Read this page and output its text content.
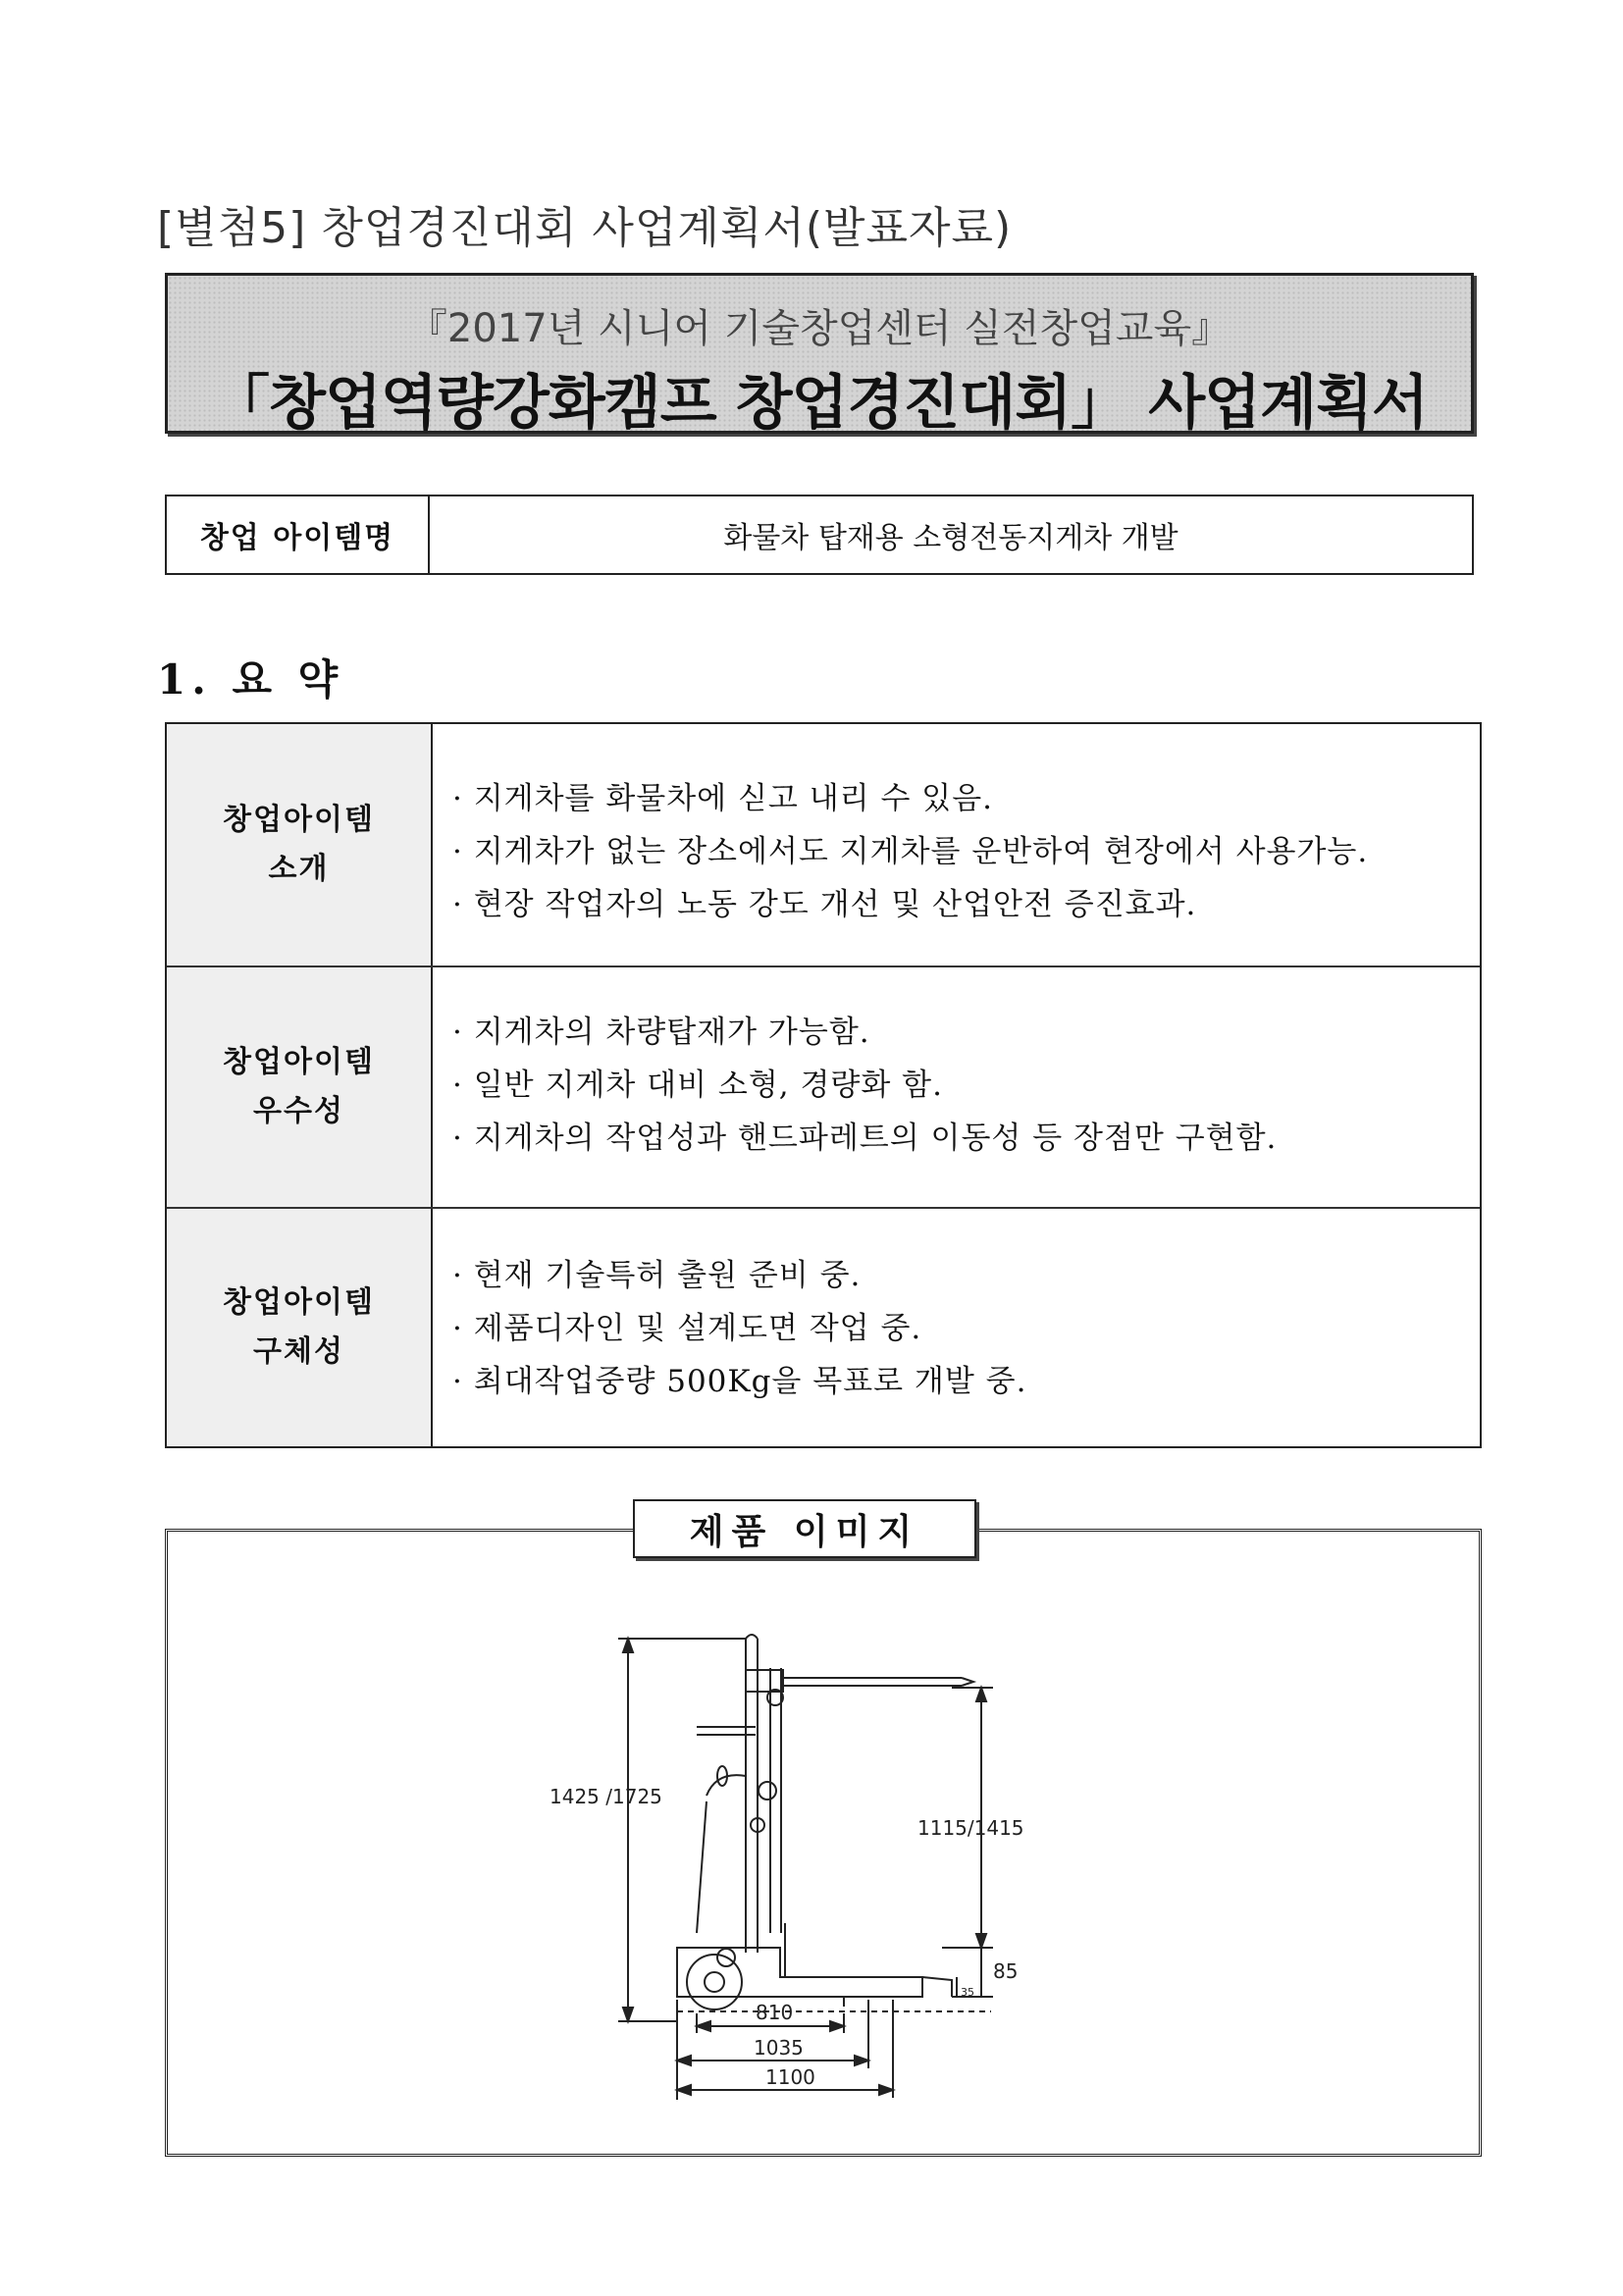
[별첨5] 창업경진대회 사업계획서(발표자료)
『2017년 시니어 기술창업센터 실전창업교육』
「창업역량강화캠프 창업경진대회」 사업계획서
창업 아이템명	화물차 탑재용 소형전동지게차 개발
1. 요 약
창업아이템
소개
· 지게차를 화물차에 싣고 내리 수 있음.
· 지게차가 없는 장소에서도 지게차를 운반하여 현장에서 사용가능.
· 현장 작업자의 노동 강도 개선 및 산업안전 증진효과.
창업아이템
우수성
· 지게차의 차량탑재가 가능함.
· 일반 지게차 대비 소형, 경량화 함.
· 지게차의 작업성과 핸드파레트의 이동성 등 장점만 구현함.
창업아이템
구체성
· 현재 기술특허 출원 준비 중.
· 제품디자인 및 설계도면 작업 중.
· 최대작업중량 500Kg을 목표로 개발 중.
제품 이미지
1425 /1725
1115/1415
85
35
810
1035
1100
